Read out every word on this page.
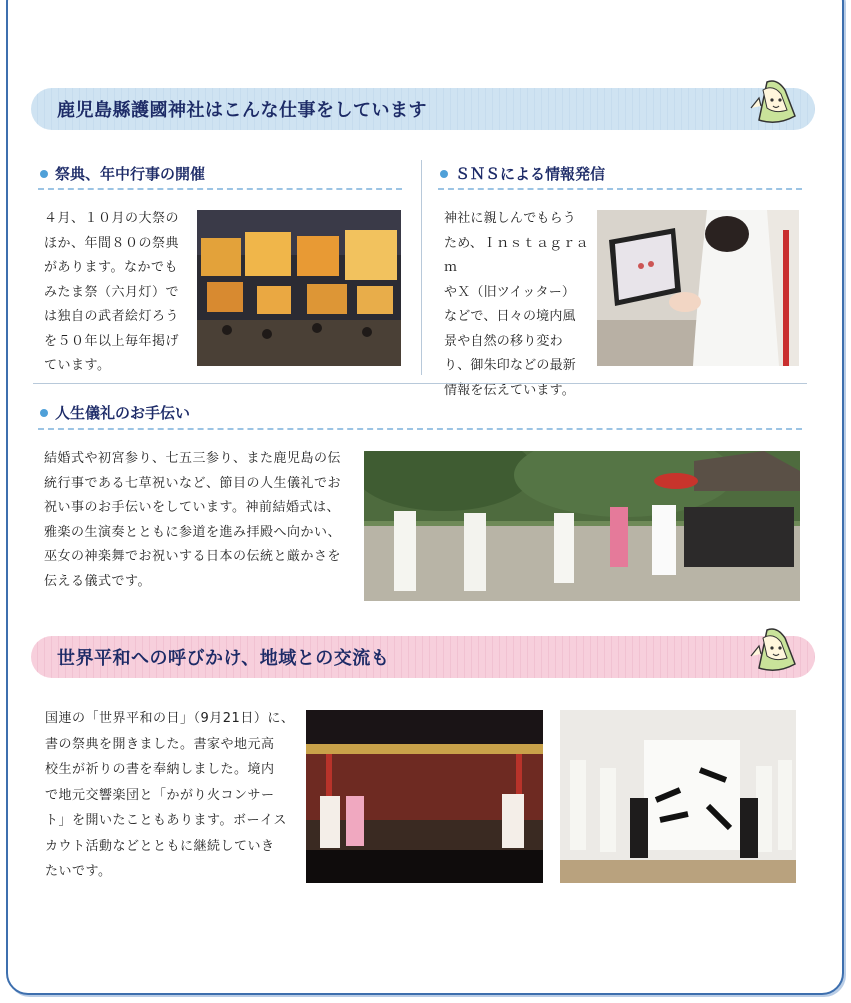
鹿児島縣護國神社はこんな仕事をしています
祭典、年中行事の開催
４月、１０月の大祭の
ほか、年間８０の祭典
があります。なかでも
みたま祭（六月灯）で
は独自の武者絵灯ろう
を５０年以上毎年掲げ
ています。
ＳＮＳによる情報発信
神社に親しんでもらう
ため、Ｉｎｓｔａｇｒａｍ
やＸ（旧ツイッター）
などで、日々の境内風
景や自然の移り変わ
り、御朱印などの最新
情報を伝えています。
人生儀礼のお手伝い
結婚式や初宮参り、七五三参り、また鹿児島の伝
統行事である七草祝いなど、節目の人生儀礼でお
祝い事のお手伝いをしています。神前結婚式は、
雅楽の生演奏とともに参道を進み拝殿へ向かい、
巫女の神楽舞でお祝いする日本の伝統と厳かさを
伝える儀式です。
世界平和への呼びかけ、地域との交流も
国連の「世界平和の日」（9月21日）に、
書の祭典を開きました。書家や地元高
校生が祈りの書を奉納しました。境内
で地元交響楽団と「かがり火コンサー
ト」を開いたこともあります。ボーイス
カウト活動などとともに継続していき
たいです。
